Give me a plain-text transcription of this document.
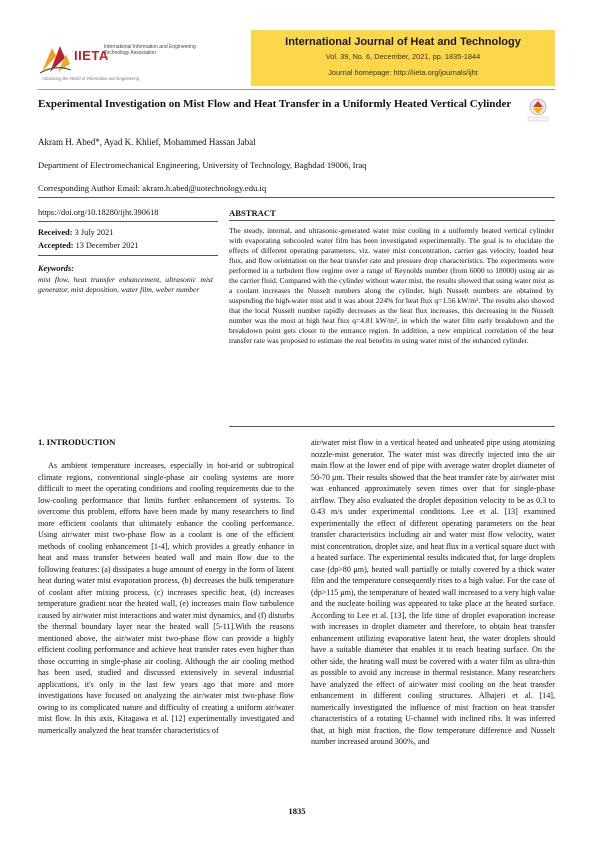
IIETA
International Information and Engineering Technology Association
Advancing the World of Information and Engineering
International Journal of Heat and Technology
Vol. 39, No. 6, December, 2021, pp. 1835-1844
Journal homepage: http://iieta.org/journals/ijht
Experimental Investigation on Mist Flow and Heat Transfer in a Uniformly Heated Vertical Cylinder
Akram H. Abed*, Ayad K. Khlief, Mohammed Hassan Jabal
Department of Electromechanical Engineering, University of Technology, Baghdad 19006, Iraq
Corresponding Author Email: akram.h.abed@uotechnology.edu.iq
https://doi.org/10.18280/ijht.390618
Received: 3 July 2021
Accepted: 13 December 2021
Keywords:
mist flow, heat transfer enhancement, ultrasonic mist generator, mist deposition, water film, weber number
ABSTRACT
The steady, internal, and ultrasonic-generated water mist cooling in a uniformly heated vertical cylinder with evaporating subcooled water film has been investigated experimentally. The goal is to elucidate the effects of different operating parameters, viz. water mist concentration, carrier gas velocity, loaded heat flux, and flow orientation on the heat transfer rate and pressure drop characteristics. The experiments were performed in a turbulent flow regime over a range of Reynolds number (from 6000 to 18000) using air as the carrier fluid. Compared with the cylinder without water mist, the results showed that using water mist as a coolant increases the Nusselt numbers along the cylinder, high Nusselt numbers are obtained by suspending the high-water mist and it was about 224% for heat flux q=1.56 kW/m². The results also showed that the local Nusselt number rapidly decreases as the heat flux increases, this decreasing in the Nusselt number was the most at high heat flux q=4.81 kW/m², in which the water film early breakdown and the breakdown point gets closer to the entrance region. In addition, a new empirical correlation of the heat transfer rate was proposed to estimate the real benefits in using water mist of the enhanced cylinder.
1. INTRODUCTION
As ambient temperature increases, especially in hot-arid or subtropical climate regions, conventional single-phase air cooling systems are more difficult to meet the operating conditions and cooling requirements due to the low-cooling performance that limits further enhancement of systems. To overcome this problem, efforts have been made by many researchers to find more efficient coolants that ultimately enhance the cooling performance. Using air/water mist two-phase flow as a coolant is one of the efficient methods of cooling enhancement [1-4], which provides a greatly enhance in heat and mass transfer between heated wall and main flow due to the following features: (a) dissipates a huge amount of energy in the form of latent heat during water mist evaporation process, (b) decreases the bulk temperature of coolant after mixing process, (c) increases specific heat, (d) increases temperature gradient near the heated wall, (e) increases main flow turbulence caused by air/water mist interactions and water mist dynamics, and (f) disturbs the thermal boundary layer near the heated wall [5-11].With the reasons mentioned above, the air/water mist two-phase flow can provide a highly efficient cooling performance and achieve heat transfer rates even higher than those occurring in single-phase air cooling. Although the air cooling method has been used, studied and discussed extensively in several industrial applications, it's only in the last few years ago that more and more investigations have focused on analyzing the air/water mist two-phase flow owing to its complicated nature and difficulty of creating a uniform air/water mist flow. In this axis, Kitagawa et al. [12] experimentally investigated and numerically analyzed the heat transfer characteristics of
air/water mist flow in a vertical heated and unheated pipe using atomizing nozzle-mist generator. The water mist was directly injected into the air main flow at the lower end of pipe with average water droplet diameter of 50-70 μm. Their results showed that the heat transfer rate by air/water mist was enhanced approximately seven times over that for single-phase airflow. They also evaluated the droplet deposition velocity to be as 0.3 to 0.43 m/s under experimental conditions. Lee et al. [13] examined experimentally the effect of different operating parameters on the heat transfer characteristics including air and water mist flow velocity, water mist concentration, droplet size, and heat flux in a vertical square duct with a heated surface. The experimental results indicated that, for large droplets case (dp>80 μm), heated wall partially or totally covered by a thick water film and the temperature consequently rises to a high value. For the case of (dp>115 μm), the temperature of heated wall increased to a very high value and the nucleate boiling was appeared to take place at the heated surface. According to Lee et al. [13], the life time of droplet evaporation increase with increases in droplet diameter and therefore, to obtain heat transfer enhancement utilizing evaporative latent heat, the water droplets should have a suitable diameter that enables it to reach heating surface. On the other side, the heating wall must be covered with a water film as ultra-thin as possible to avoid any increase in thermal resistance. Many researchers have analyzed the effect of air/water mist cooling on the heat transfer enhancement in different cooling structures. Alhajeri et al. [14], numerically investigated the influence of mist fraction on heat transfer characteristics of a rotating U-channel with inclined ribs. It was inferred that, at high mist fraction, the flow temperature difference and Nusselt number increased around 300%, and
1835
